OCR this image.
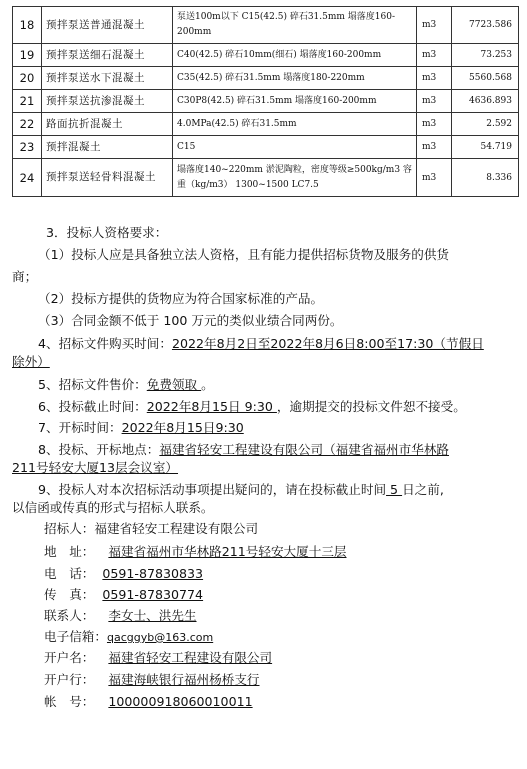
18	预拌泵送普通混凝土	泵送100m以下 C15(42.5) 碎石31.5mm 塌落度160-200mm	m3	7723.586
19	预拌泵送细石混凝土	C40(42.5) 碎石10mm(细石) 塌落度160-200mm	m3	73.253
20	预拌泵送水下混凝土	C35(42.5) 碎石31.5mm 塌落度180-220mm	m3	5560.568
21	预拌泵送抗渗混凝土	C30P8(42.5) 碎石31.5mm 塌落度160-200mm	m3	4636.893
22	路面抗折混凝土	4.0MPa(42.5) 碎石31.5mm	m3	2.592
23	预拌混凝土	C15	m3	54.719
24	预拌泵送轻骨料混凝土	塌落度140~220mm 淤泥陶粒，密度等级≥500kg/m3 容重（kg/m3） 1300~1500 LC7.5	m3	8.336

3．投标人资格要求：

（1）投标人应是具备独立法人资格，且有能力提供招标货物及服务的供货

商；

（2）投标方提供的货物应为符合国家标准的产品。

（3）合同金额不低于 100 万元的类似业绩合同两份。

4、招标文件购买时间：2022年8月2日至2022年8月6日8:00至17:30（节假日

除外）

5、招标文件售价：免费领取 。

6、投标截止时间：2022年8月15日 9:30 ，逾期提交的投标文件恕不接受。

7、开标时间：2022年8月15日9:30

8、投标、开标地点：福建省轻安工程建设有限公司（福建省福州市华林路

211号轻安大厦13层会议室）

9、投标人对本次招标活动事项提出疑问的，请在投标截止时间 5 日之前,

以信函或传真的形式与招标人联系。

招标人：福建省轻安工程建设有限公司

地　址： 福建省福州市华林路211号轻安大厦十三层

电　话： 0591-87830833

传　真： 0591-87830774

联系人： 李女士、洪先生

电子信箱：qacggyb@163.com

开户名： 福建省轻安工程建设有限公司

开户行： 福建海峡银行福州杨桥支行

帐　号： 100000918060010011
